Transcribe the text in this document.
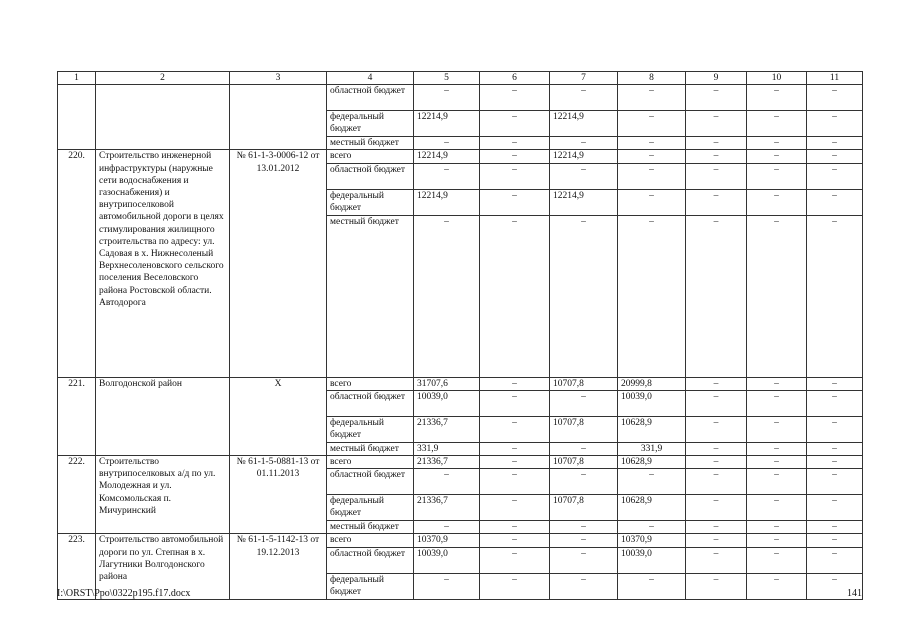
1	2	3	4	5	6	7	8	9	10	11
			областной бюджет	–	–	–	–	–	–	–
			федеральный бюджет	12214,9	–	12214,9	–	–	–	–
			местный бюджет	–	–	–	–	–	–	–
220.	Строительство инженерной инфраструктуры (наружные сети водоснабжения и газоснабжения) и внутрипоселковой автомобильной дороги в целях стимулирования жилищного строительства по адресу: ул. Садовая в х. Нижнесоленый Верхнесоленовского сельского поселения Веселовского района Ростовской области. Автодорога	№ 61-1-3-0006-12 от 13.01.2012	всего	12214,9	–	12214,9	–	–	–	–
			областной бюджет	–	–	–	–	–	–	–
			федеральный бюджет	12214,9	–	12214,9	–	–	–	–
			местный бюджет	–	–	–	–	–	–	–
221.	Волгодонской район	Х	всего	31707,6	–	10707,8	20999,8	–	–	–
			областной бюджет	10039,0	–	–	10039,0	–	–	–
			федеральный бюджет	21336,7	–	10707,8	10628,9	–	–	–
			местный бюджет	331,9	–	–	331,9	–	–	–
222.	Строительство внутрипоселковых а/д по ул. Молодежная и ул. Комсомольская п. Мичуринский	№ 61-1-5-0881-13 от 01.11.2013	всего	21336,7	–	10707,8	10628,9	–	–	–
			областной бюджет	–	–	–	–	–	–	–
			федеральный бюджет	21336,7	–	10707,8	10628,9	–	–	–
			местный бюджет	–	–	–	–	–	–	–
223.	Строительство автомобильной дороги по ул. Степная в х. Лагутники Волгодонского района	№ 61-1-5-1142-13 от 19.12.2013	всего	10370,9	–	–	10370,9	–	–	–
			областной бюджет	10039,0	–	–	10039,0	–	–	–
			федеральный бюджет	–	–	–	–	–	–	–
I:\ORST\Ppo\0322p195.f17.docx	141
